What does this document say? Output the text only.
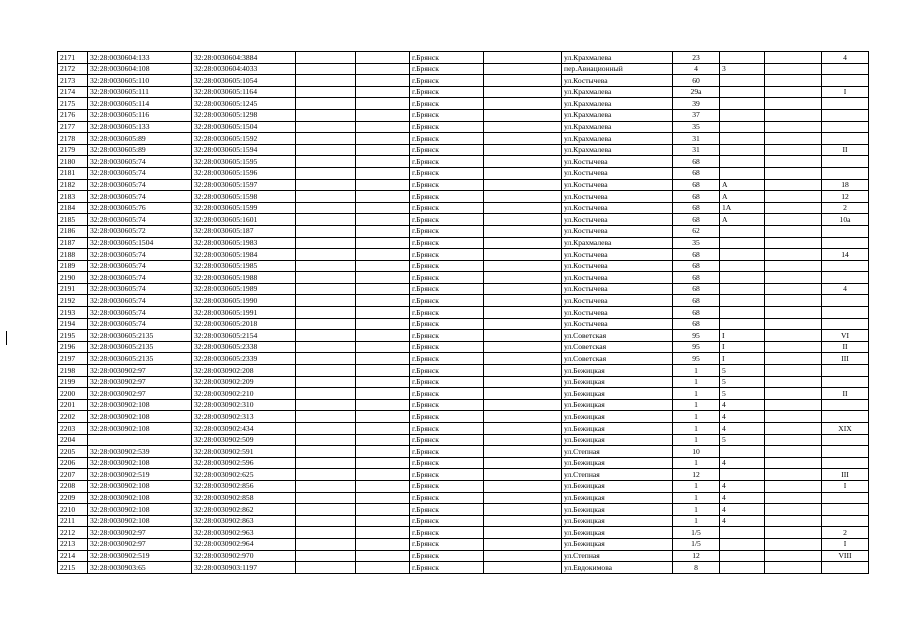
2171	32:28:0030604:133	32:28:0030604:3884			г.Брянск		ул.Крахмалева	23			4
2172	32:28:0030604:108	32:28:0030604:4033			г.Брянск		пер.Авиационный	4	3		
2173	32:28:0030605:110	32:28:0030605:1054			г.Брянск		ул.Костычева	60			
2174	32:28:0030605:111	32:28:0030605:1164			г.Брянск		ул.Крахмалева	29а			I
2175	32:28:0030605:114	32:28:0030605:1245			г.Брянск		ул.Крахмалева	39			
2176	32:28:0030605:116	32:28:0030605:1298			г.Брянск		ул.Крахмалева	37			
2177	32:28:0030605:133	32:28:0030605:1504			г.Брянск		ул.Крахмалева	35			
2178	32:28:0030605:89	32:28:0030605:1592			г.Брянск		ул.Крахмалева	31			
2179	32:28:0030605:89	32:28:0030605:1594			г.Брянск		ул.Крахмалева	31			II
2180	32:28:0030605:74	32:28:0030605:1595			г.Брянск		ул.Костычева	68			
2181	32:28:0030605:74	32:28:0030605:1596			г.Брянск		ул.Костычева	68			
2182	32:28:0030605:74	32:28:0030605:1597			г.Брянск		ул.Костычева	68	А		18
2183	32:28:0030605:74	32:28:0030605:1598			г.Брянск		ул.Костычева	68	А		12
2184	32:28:0030605:76	32:28:0030605:1599			г.Брянск		ул.Костычева	68	1А		2
2185	32:28:0030605:74	32:28:0030605:1601			г.Брянск		ул.Костычева	68	А		10а
2186	32:28:0030605:72	32:28:0030605:187			г.Брянск		ул.Костычева	62			
2187	32:28:0030605:1504	32:28:0030605:1983			г.Брянск		ул.Крахмалева	35			
2188	32:28:0030605:74	32:28:0030605:1984			г.Брянск		ул.Костычева	68			14
2189	32:28:0030605:74	32:28:0030605:1985			г.Брянск		ул.Костычева	68			
2190	32:28:0030605:74	32:28:0030605:1988			г.Брянск		ул.Костычева	68			
2191	32:28:0030605:74	32:28:0030605:1989			г.Брянск		ул.Костычева	68			4
2192	32:28:0030605:74	32:28:0030605:1990			г.Брянск		ул.Костычева	68			
2193	32:28:0030605:74	32:28:0030605:1991			г.Брянск		ул.Костычева	68			
2194	32:28:0030605:74	32:28:0030605:2018			г.Брянск		ул.Костычева	68			
2195	32:28:0030605:2135	32:28:0030605:2154			г.Брянск		ул.Советская	95	I		VI
2196	32:28:0030605:2135	32:28:0030605:2338			г.Брянск		ул.Советская	95	I		II
2197	32:28:0030605:2135	32:28:0030605:2339			г.Брянск		ул.Советская	95	I		III
2198	32:28:0030902:97	32:28:0030902:208			г.Брянск		ул.Бежицкая	1	5		
2199	32:28:0030902:97	32:28:0030902:209			г.Брянск		ул.Бежицкая	1	5		
2200	32:28:0030902:97	32:28:0030902:210			г.Брянск		ул.Бежицкая	1	5		II
2201	32:28:0030902:108	32:28:0030902:310			г.Брянск		ул.Бежицкая	1	4		
2202	32:28:0030902:108	32:28:0030902:313			г.Брянск		ул.Бежицкая	1	4		
2203	32:28:0030902:108	32:28:0030902:434			г.Брянск		ул.Бежицкая	1	4		XIX
2204		32:28:0030902:509			г.Брянск		ул.Бежицкая	1	5		
2205	32:28:0030902:539	32:28:0030902:591			г.Брянск		ул.Степная	10			
2206	32:28:0030902:108	32:28:0030902:596			г.Брянск		ул.Бежицкая	1	4		
2207	32:28:0030902:519	32:28:0030902:625			г.Брянск		ул.Степная	12			III
2208	32:28:0030902:108	32:28:0030902:856			г.Брянск		ул.Бежицкая	1	4		I
2209	32:28:0030902:108	32:28:0030902:858			г.Брянск		ул.Бежицкая	1	4		
2210	32:28:0030902:108	32:28:0030902:862			г.Брянск		ул.Бежицкая	1	4		
2211	32:28:0030902:108	32:28:0030902:863			г.Брянск		ул.Бежицкая	1	4		
2212	32:28:0030902:97	32:28:0030902:963			г.Брянск		ул.Бежицкая	1/5			2
2213	32:28:0030902:97	32:28:0030902:964			г.Брянск		ул.Бежицкая	1/5			I
2214	32:28:0030902:519	32:28:0030902:970			г.Брянск		ул.Степная	12			VIII
2215	32:28:0030903:65	32:28:0030903:1197			г.Брянск		ул.Евдокимова	8			
